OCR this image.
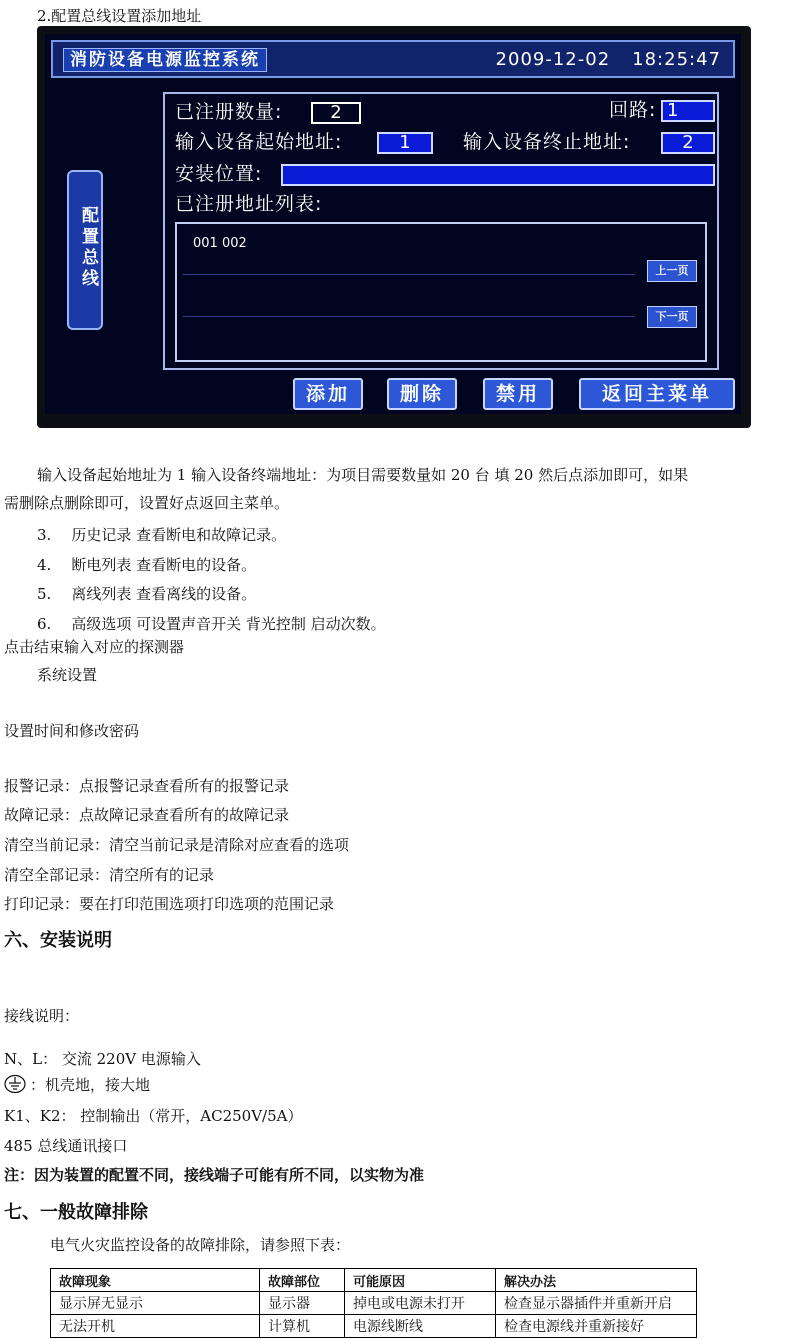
2.配置总线设置添加地址
消防设备电源监控系统	2009-12-02 18:25:47
配置总线
已注册数量:	2	回路: 1
输入设备起始地址:	1	输入设备终止地址:	2
安装位置:
已注册地址列表:
001 002
上一页
下一页
添加	删除	禁用	返回主菜单
输入设备起始地址为 1 输入设备终端地址：为项目需要数量如 20 台 填 20 然后点添加即可，如果
需删除点删除即可，设置好点返回主菜单。
3. 历史记录 查看断电和故障记录。
4. 断电列表 查看断电的设备。
5. 离线列表 查看离线的设备。
6. 高级选项 可设置声音开关 背光控制 启动次数。
点击结束输入对应的探测器
系统设置
设置时间和修改密码
报警记录：点报警记录查看所有的报警记录
故障记录：点故障记录查看所有的故障记录
清空当前记录：清空当前记录是清除对应查看的选项
清空全部记录：清空所有的记录
打印记录：要在打印范围选项打印选项的范围记录
六、安装说明
接线说明：
N、L： 交流 220V 电源输入
：机壳地，接大地
K1、K2： 控制输出（常开，AC250V/5A）
485 总线通讯接口
注：因为装置的配置不同，接线端子可能有所不同，以实物为准
七、一般故障排除
电气火灾监控设备的故障排除，请参照下表：
故障现象	故障部位	可能原因	解决办法
显示屏无显示	显示器	掉电或电源未打开	检查显示器插件并重新开启
无法开机	计算机	电源线断线	检查电源线并重新接好
